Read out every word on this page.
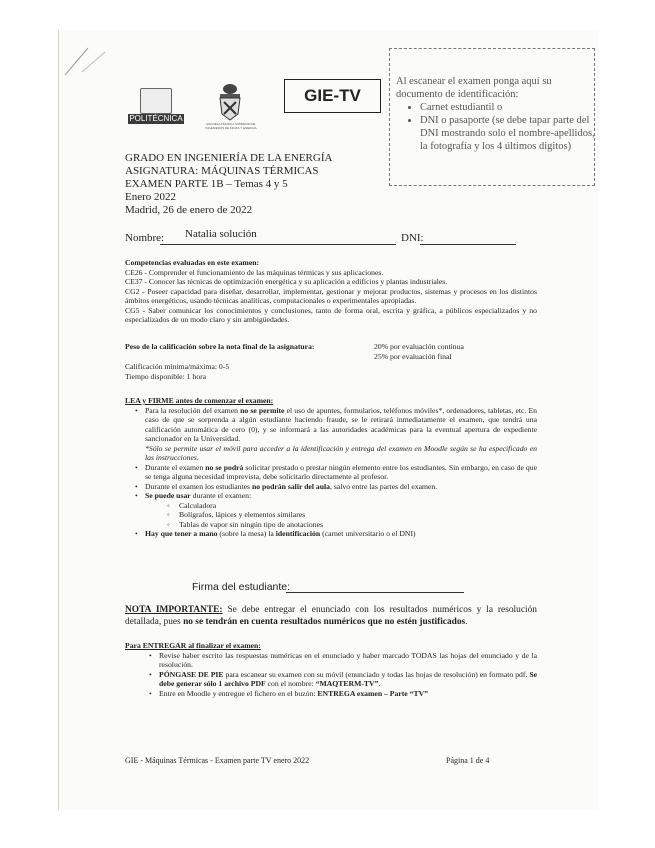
POLITÉCNICA
ESCUELA TÉCNICA SUPERIOR DE INGENIEROS DE MINAS Y ENERGÍA
GIE-TV
Al escanear el examen ponga aquí su documento de identificación:
• Carnet estudiantil o
• DNI o pasaporte (se debe tapar parte del DNI mostrando solo el nombre-apellidos, la fotografía y los 4 últimos digitos)
GRADO EN INGENIERÍA DE LA ENERGÍA
ASIGNATURA: MÁQUINAS TÉRMICAS
EXAMEN PARTE 1B – Temas 4 y 5
Enero 2022
Madrid, 26 de enero de 2022
Nombre: Natalia solución	DNI:
Competencias evaluadas en este examen:
CE26 - Comprender el funcionamiento de las máquinas térmicas y sus aplicaciones.
CE37 - Conocer las técnicas de optimización energética y su aplicación a edificios y plantas industriales.
CG2 - Poseer capacidad para diseñar, desarrollar, implementar, gestionar y mejorar productos, sistemas y procesos en los distintos ámbitos energéticos, usando técnicas analíticas, computacionales o experimentales apropiadas.
CG5 - Saber comunicar los conocimientos y conclusiones, tanto de forma oral, escrita y gráfica, a públicos especializados y no especializados de un modo claro y sin ambigüedades.
Peso de la calificación sobre la nota final de la asignatura:	20% por evaluación continua
25% por evaluación final
Calificación mínima/máxima: 0-5
Tiempo disponible: 1 hora
LEA y FIRME antes de comenzar el examen:
• Para la resolución del examen no se permite el uso de apuntes, formularios, teléfonos móviles*, ordenadores, tabletas, etc. En caso de que se sorprenda a algún estudiante haciendo fraude, se le retirará inmediatamente el examen, que tendrá una calificación automática de cero (0), y se informará a las autoridades académicas para la eventual apertura de expediente sancionador en la Universidad.
*Sólo se permite usar el móvil para acceder a la identificación y entrega del examen en Moodle según se ha especificado en las instrucciones.
• Durante el examen no se podrá solicitar prestado o prestar ningún elemento entre los estudiantes. Sin embargo, en caso de que se tenga alguna necesidad imprevista, debe solicitarlo directamente al profesor.
• Durante el examen los estudiantes no podrán salir del aula, salvo entre las partes del examen.
• Se puede usar durante el examen:
◦ Calculadora
◦ Bolígrafos, lápices y elementos similares
◦ Tablas de vapor sin ningún tipo de anotaciones
• Hay que tener a mano (sobre la mesa) la identificación (carnet universitario o el DNI)
Firma del estudiante:
NOTA IMPORTANTE: Se debe entregar el enunciado con los resultados numéricos y la resolución detallada, pues no se tendrán en cuenta resultados numéricos que no estén justificados.
Para ENTREGAR al finalizar el examen:
• Revise haber escrito las respuestas numéricas en el enunciado y haber marcado TODAS las hojas del enunciado y de la resolución.
• PÓNGASE DE PIE para escanear su examen con su móvil (enunciado y todas las hojas de resolución) en formato pdf. Se debe generar sólo 1 archivo PDF con el nombre: “MAQTERM-TV”.
• Entre en Moodle y entregue el fichero en el buzón: ENTREGA examen – Parte “TV”
GIE - Máquinas Térmicas - Examen parte TV enero 2022	Página 1 de 4
